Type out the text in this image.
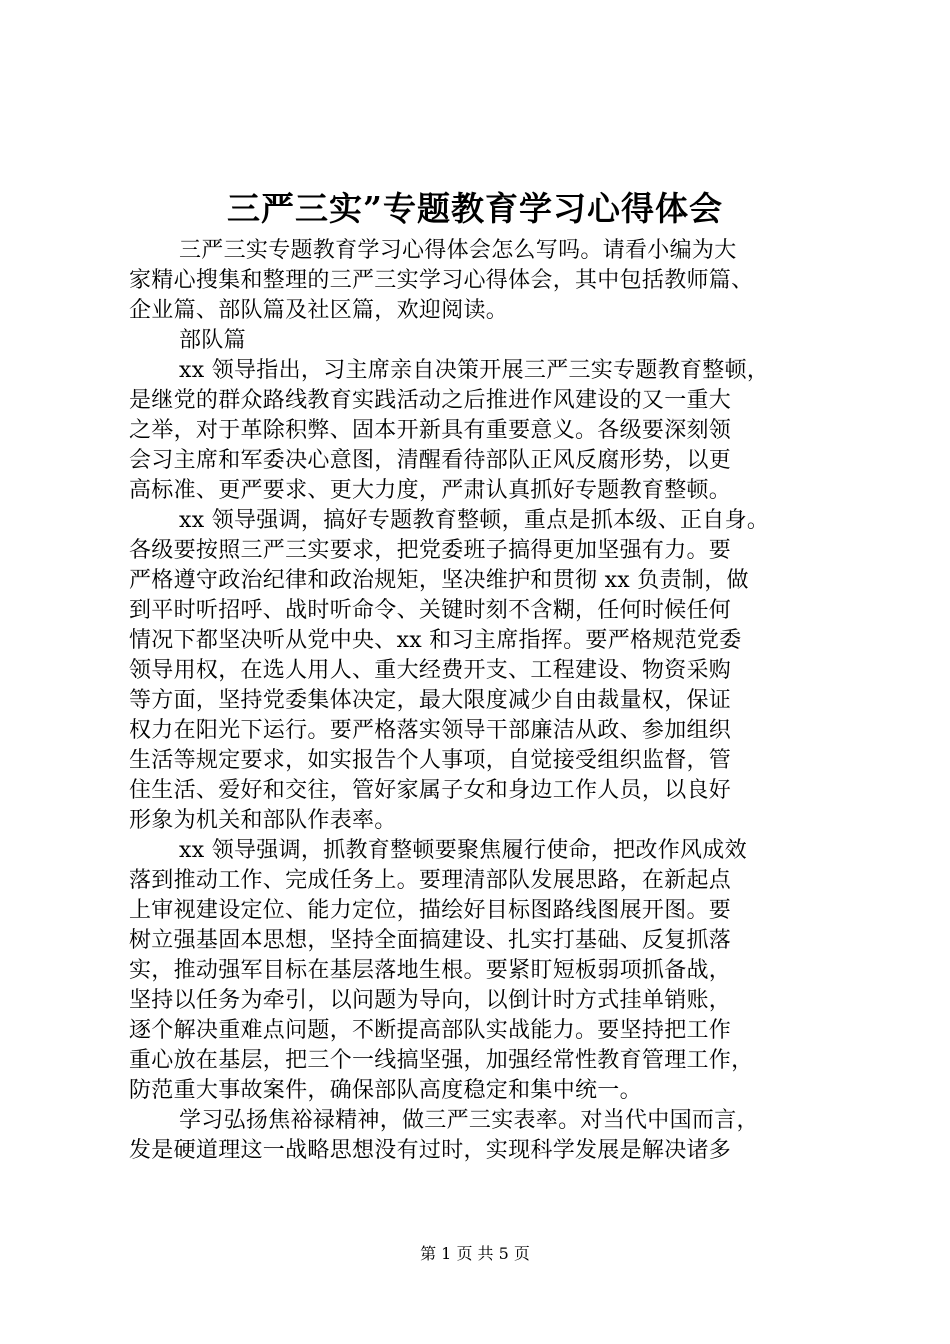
三严三实”专题教育学习心得体会
三严三实专题教育学习心得体会怎么写吗。请看小编为大
家精心搜集和整理的三严三实学习心得体会，其中包括教师篇、
企业篇、部队篇及社区篇，欢迎阅读。
部队篇
xx 领导指出，习主席亲自决策开展三严三实专题教育整顿，
是继党的群众路线教育实践活动之后推进作风建设的又一重大
之举，对于革除积弊、固本开新具有重要意义。各级要深刻领
会习主席和军委决心意图，清醒看待部队正风反腐形势，以更
高标准、更严要求、更大力度，严肃认真抓好专题教育整顿。
xx 领导强调，搞好专题教育整顿，重点是抓本级、正自身。
各级要按照三严三实要求，把党委班子搞得更加坚强有力。要
严格遵守政治纪律和政治规矩，坚决维护和贯彻 xx 负责制，做
到平时听招呼、战时听命令、关键时刻不含糊，任何时候任何
情况下都坚决听从党中央、xx 和习主席指挥。要严格规范党委
领导用权，在选人用人、重大经费开支、工程建设、物资采购
等方面，坚持党委集体决定，最大限度减少自由裁量权，保证
权力在阳光下运行。要严格落实领导干部廉洁从政、参加组织
生活等规定要求，如实报告个人事项，自觉接受组织监督，管
住生活、爱好和交往，管好家属子女和身边工作人员，以良好
形象为机关和部队作表率。
xx 领导强调，抓教育整顿要聚焦履行使命，把改作风成效
落到推动工作、完成任务上。要理清部队发展思路，在新起点
上审视建设定位、能力定位，描绘好目标图路线图展开图。要
树立强基固本思想，坚持全面搞建设、扎实打基础、反复抓落
实，推动强军目标在基层落地生根。要紧盯短板弱项抓备战，
坚持以任务为牵引，以问题为导向，以倒计时方式挂单销账，
逐个解决重难点问题，不断提高部队实战能力。要坚持把工作
重心放在基层，把三个一线搞坚强，加强经常性教育管理工作，
防范重大事故案件，确保部队高度稳定和集中统一。
学习弘扬焦裕禄精神，做三严三实表率。对当代中国而言，
发是硬道理这一战略思想没有过时，实现科学发展是解决诸多
第 1 页 共 5 页
